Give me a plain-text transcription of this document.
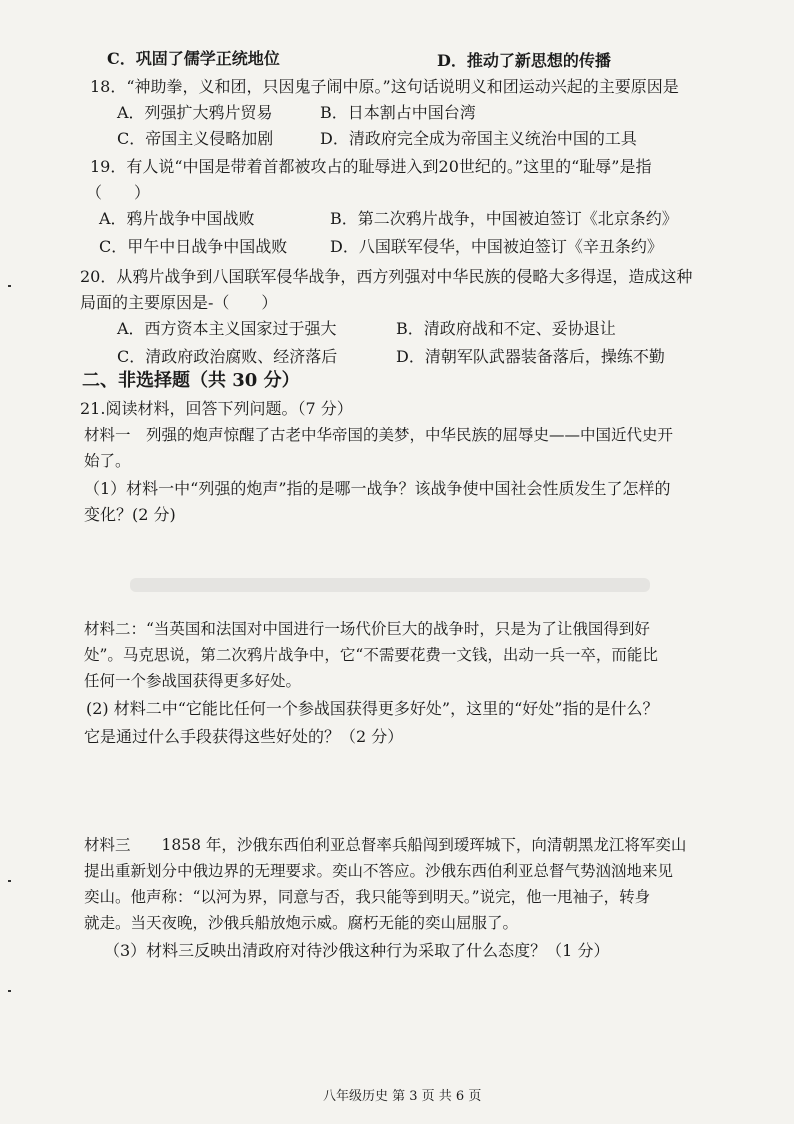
C．巩固了儒学正统地位	D．推动了新思想的传播
18．“神助拳，义和团，只因鬼子闹中原。”这句话说明义和团运动兴起的主要原因是
A．列强扩大鸦片贸易	B．日本割占中国台湾
C．帝国主义侵略加剧	D．清政府完全成为帝国主义统治中国的工具
19．有人说“中国是带着首都被攻占的耻辱进入到20世纪的。”这里的“耻辱”是指
（　　）
A．鸦片战争中国战败	B．第二次鸦片战争，中国被迫签订《北京条约》
C．甲午中日战争中国战败	D．八国联军侵华，中国被迫签订《辛丑条约》
20．从鸦片战争到八国联军侵华战争，西方列强对中华民族的侵略大多得逞，造成这种
局面的主要原因是-（　　）
A．西方资本主义国家过于强大	B．清政府战和不定、妥协退让
C．清政府政治腐败、经济落后	D．清朝军队武器装备落后，操练不勤
二、非选择题（共 30 分）
21.阅读材料，回答下列问题。（7 分）
材料一　列强的炮声惊醒了古老中华帝国的美梦，中华民族的屈辱史——中国近代史开
始了。
（1）材料一中“列强的炮声”指的是哪一战争？该战争使中国社会性质发生了怎样的
变化？(2 分)
材料二：“当英国和法国对中国进行一场代价巨大的战争时，只是为了让俄国得到好
处”。马克思说，第二次鸦片战争中，它“不需要花费一文钱，出动一兵一卒，而能比
任何一个参战国获得更多好处。
(2) 材料二中“它能比任何一个参战国获得更多好处”，这里的“好处”指的是什么？
它是通过什么手段获得这些好处的？（2 分）
材料三　　1858 年，沙俄东西伯利亚总督率兵船闯到瑷珲城下，向清朝黑龙江将军奕山
提出重新划分中俄边界的无理要求。奕山不答应。沙俄东西伯利亚总督气势汹汹地来见
奕山。他声称：“以河为界，同意与否，我只能等到明天。”说完，他一甩袖子，转身
就走。当天夜晚，沙俄兵船放炮示威。腐朽无能的奕山屈服了。
（3）材料三反映出清政府对待沙俄这种行为采取了什么态度？（1 分）
八年级历史 第 3 页 共 6 页
